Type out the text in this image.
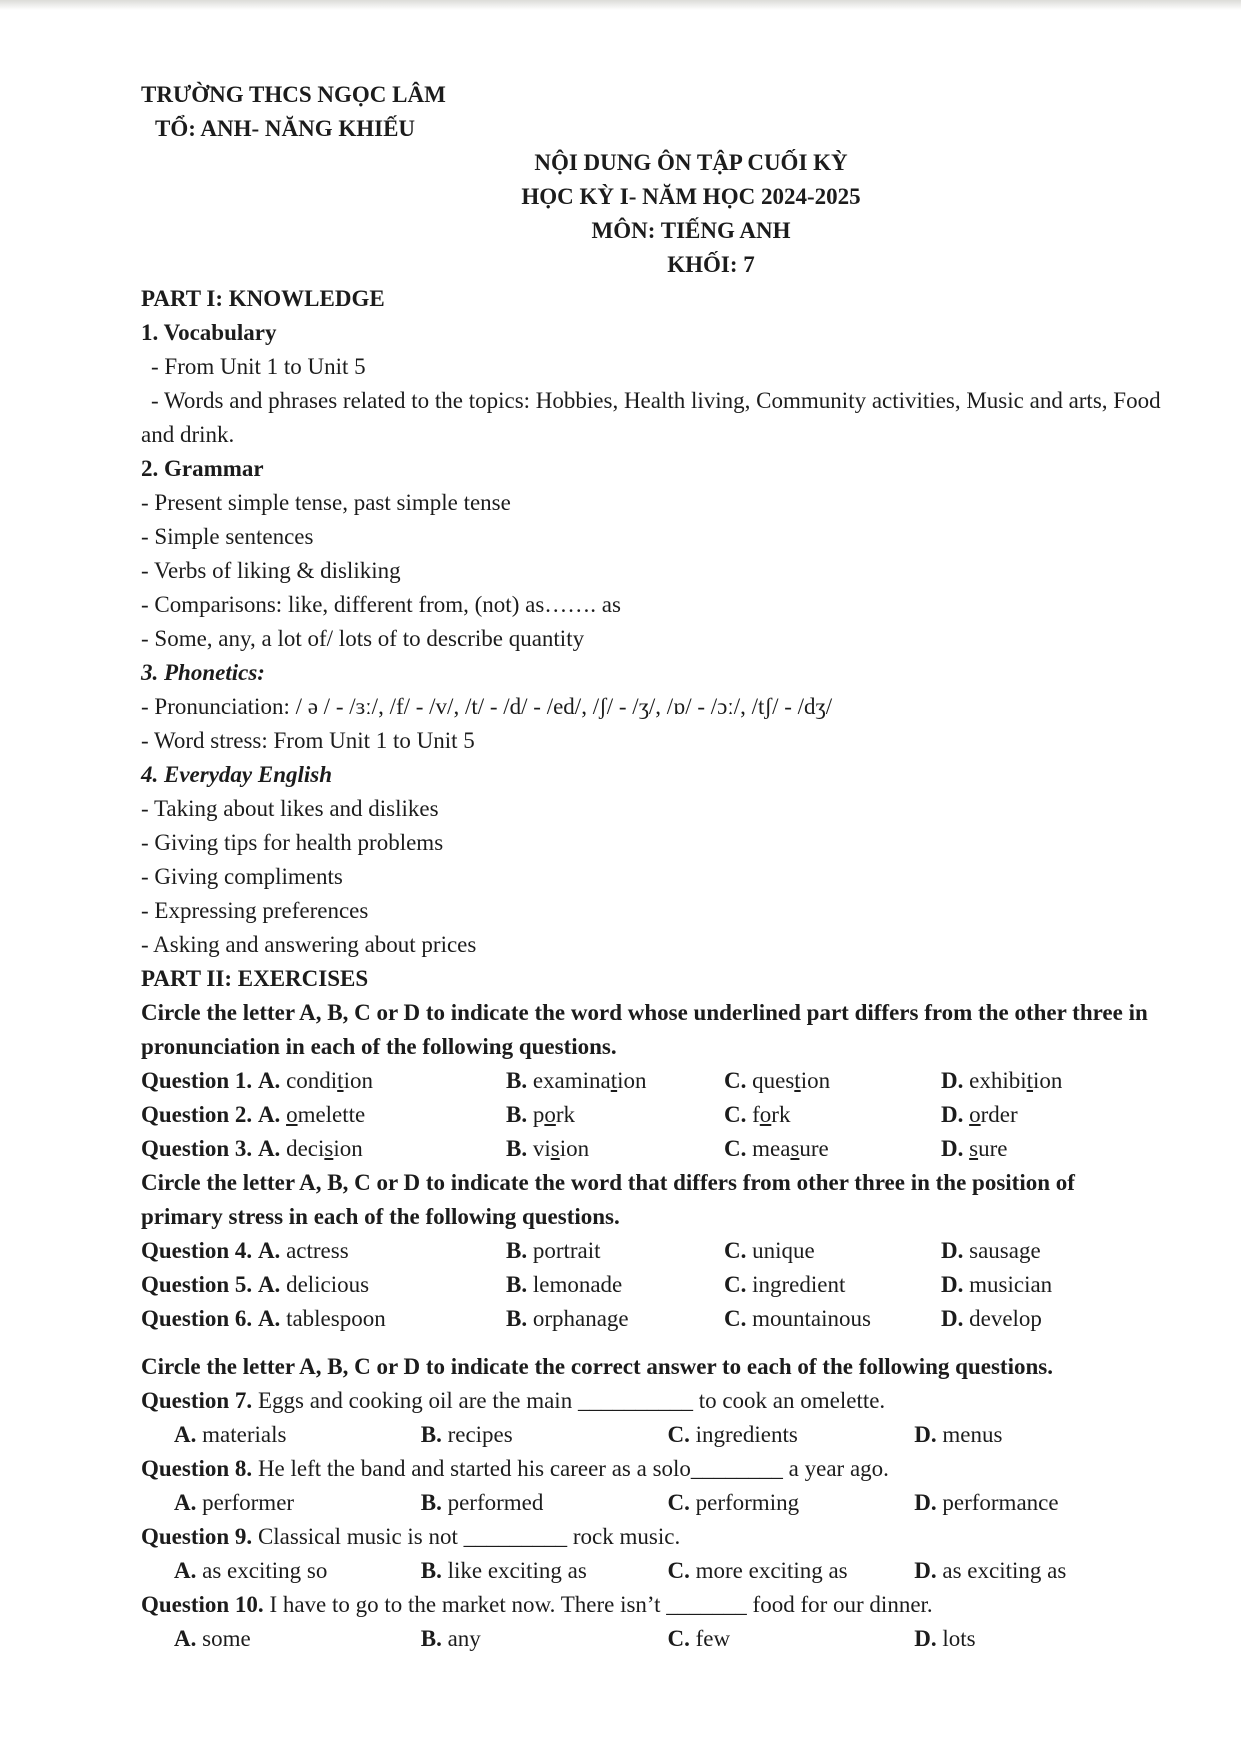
TRƯỜNG THCS NGỌC LÂM
TỔ: ANH- NĂNG KHIẾU
NỘI DUNG ÔN TẬP CUỐI KỲ
HỌC KỲ I- NĂM HỌC 2024-2025
MÔN: TIẾNG ANH
KHỐI: 7
PART I: KNOWLEDGE
1. Vocabulary
- From Unit 1 to Unit 5
- Words and phrases related to the topics: Hobbies, Health living, Community activities, Music and arts, Food and drink.
2. Grammar
- Present simple tense, past simple tense
- Simple sentences
- Verbs of liking & disliking
- Comparisons: like, different from, (not) as……. as
- Some, any, a lot of/ lots of to describe quantity
3. Phonetics:
- Pronunciation: / ə / - /ɜː/, /f/ - /v/, /t/ - /d/ - /ed/, /ʃ/ - /ʒ/, /ɒ/ - /ɔː/, /tʃ/ - /dʒ/
- Word stress: From Unit 1 to Unit 5
4. Everyday English
- Taking about likes and dislikes
- Giving tips for health problems
- Giving compliments
- Expressing preferences
- Asking and answering about prices
PART II: EXERCISES
Circle the letter A, B, C or D to indicate the word whose underlined part differs from the other three in pronunciation in each of the following questions.
Question 1. A. condition	B. examination	C. question	D. exhibition
Question 2. A. omelette	B. pork	C. fork	D. order
Question 3. A. decision	B. vision	C. measure	D. sure
Circle the letter A, B, C or D to indicate the word that differs from other three in the position of primary stress in each of the following questions.
Question 4. A. actress	B. portrait	C. unique	D. sausage
Question 5. A. delicious	B. lemonade	C. ingredient	D. musician
Question 6. A. tablespoon	B. orphanage	C. mountainous	D. develop
Circle the letter A, B, C or D to indicate the correct answer to each of the following questions.
Question 7. Eggs and cooking oil are the main __________ to cook an omelette.
A. materials	B. recipes	C. ingredients	D. menus
Question 8. He left the band and started his career as a solo________ a year ago.
A. performer	B. performed	C. performing	D. performance
Question 9. Classical music is not _________ rock music.
A. as exciting so	B. like exciting as	C. more exciting as	D. as exciting as
Question 10. I have to go to the market now. There isn’t _______ food for our dinner.
A. some	B. any	C. few	D. lots
